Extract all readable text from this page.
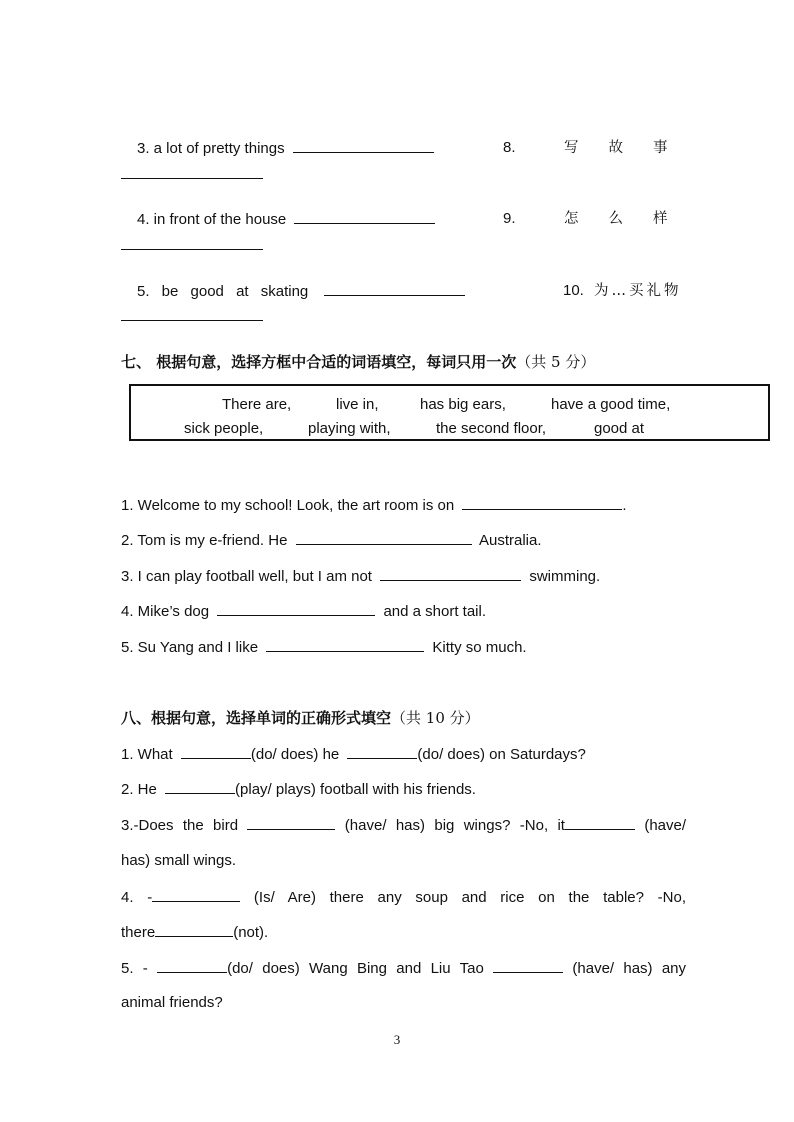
3. a lot of pretty things	8.	写故事
4. in front of the house	9.	怎么样
5. be good at skating	10. 为…买礼物
七、 根据句意，选择方框中合适的词语填空，每词只用一次（共 5 分）
There are,	live in,	has big ears,	have a good time,
sick people,	playing with,	the second floor,	good at
1. Welcome to my school! Look, the art room is on	.
2. Tom is my e-friend. He	Australia.
3. I can play football well, but I am not	swimming.
4. Mike’s dog	and a short tail.
5. Su Yang and I like	Kitty so much.
八、根据句意，选择单词的正确形式填空（共 10 分）
1. What	(do/ does) he	(do/ does) on Saturdays?
2. He	(play/ plays) football with his friends.
3.-Does the bird	(have/ has) big wings? -No, it	(have/
has) small wings.
4. -	(Is/ Are) there any soup and rice on the table? -No,
there	(not).
5. -	(do/ does) Wang Bing and Liu Tao	(have/ has) any
animal friends?
3
